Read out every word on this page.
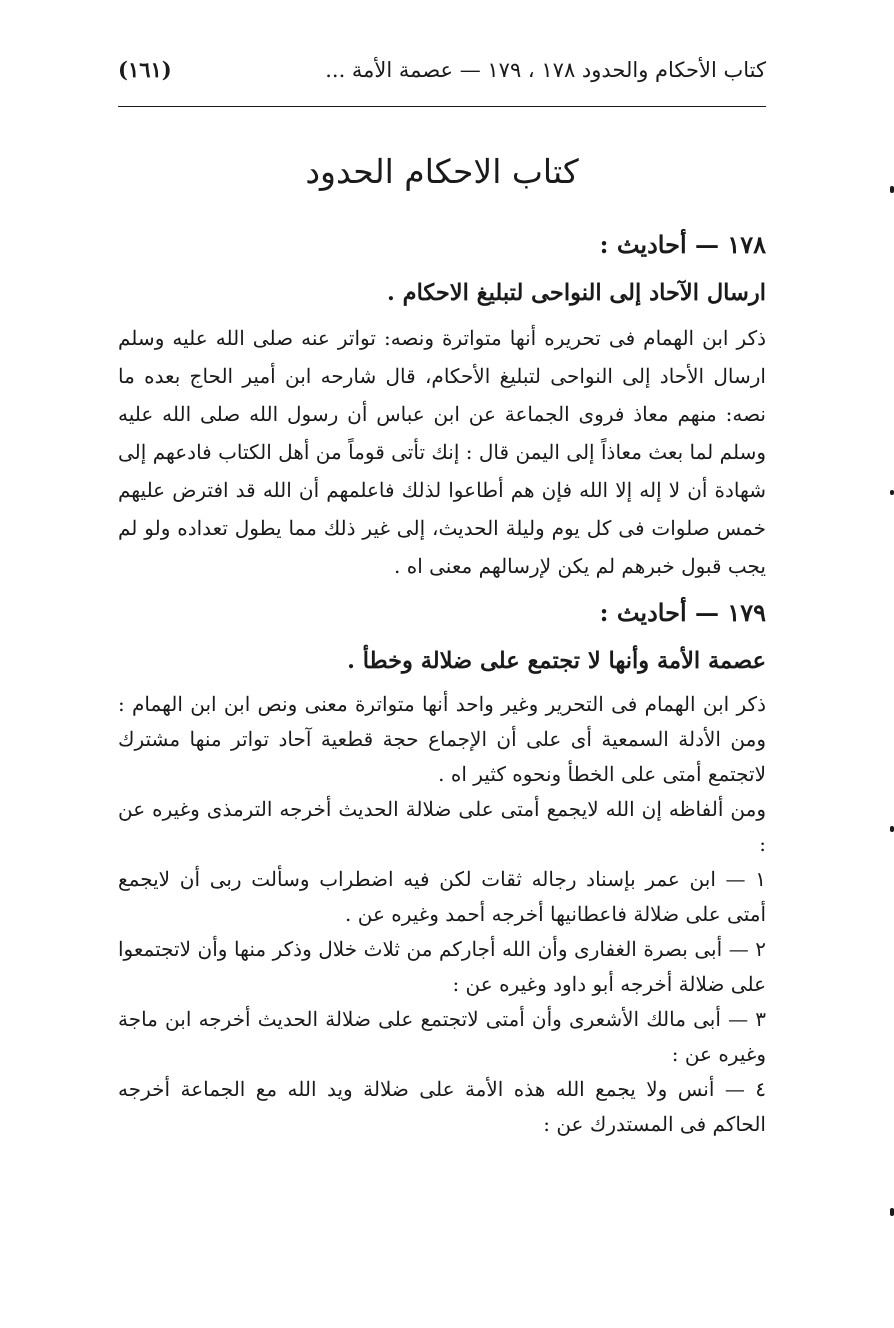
كتاب الأحكام والحدود ١٧٨ ، ١٧٩ — عصمة الأمة ...
(١٦١)
كتاب الاحكام الحدود
١٧٨ — أحاديث :
ارسال الآحاد إلى النواحى لتبليغ الاحكام .

ذكر ابن الهمام فى تحريره أنها متواترة ونصه: تواتر عنه صلى الله عليه وسلم ارسال الأحاد إلى النواحى لتبليغ الأحكام، قال شارحه ابن أمير الحاج بعده ما نصه: منهم معاذ فروى الجماعة عن ابن عباس أن رسول الله صلى الله عليه وسلم لما بعث معاذاً إلى اليمن قال : إنك تأتى قوماً من أهل الكتاب فادعهم إلى شهادة أن لا إله إلا الله فإن هم أطاعوا لذلك فاعلمهم أن الله قد افترض عليهم خمس صلوات فى كل يوم وليلة الحديث، إلى غير ذلك مما يطول تعداده ولو لم يجب قبول خبرهم لم يكن لإرسالهم معنى اه .

١٧٩ — أحاديث :
عصمة الأمة وأنها لا تجتمع على ضلالة وخطأ .

ذكر ابن الهمام فى التحرير وغير واحد أنها متواترة معنى ونص ابن ابن الهمام : ومن الأدلة السمعية أى على أن الإجماع حجة قطعية آحاد تواتر منها مشترك لاتجتمع أمتى على الخطأ ونحوه كثير اه .

ومن ألفاظه إن الله لايجمع أمتى على ضلالة الحديث أخرجه الترمذى وغيره عن :

١ — ابن عمر بإسناد رجاله ثقات لكن فيه اضطراب وسألت ربى أن لايجمع أمتى على ضلالة فاعطانيها أخرجه أحمد وغيره عن .

٢ — أبى بصرة الغفارى وأن الله أجاركم من ثلاث خلال وذكر منها وأن لاتجتمعوا على ضلالة أخرجه أبو داود وغيره عن :

٣ — أبى مالك الأشعرى وأن أمتى لاتجتمع على ضلالة الحديث أخرجه ابن ماجة وغيره عن :

٤ — أنس ولا يجمع الله هذه الأمة على ضلالة ويد الله مع الجماعة أخرجه الحاكم فى المستدرك عن :
